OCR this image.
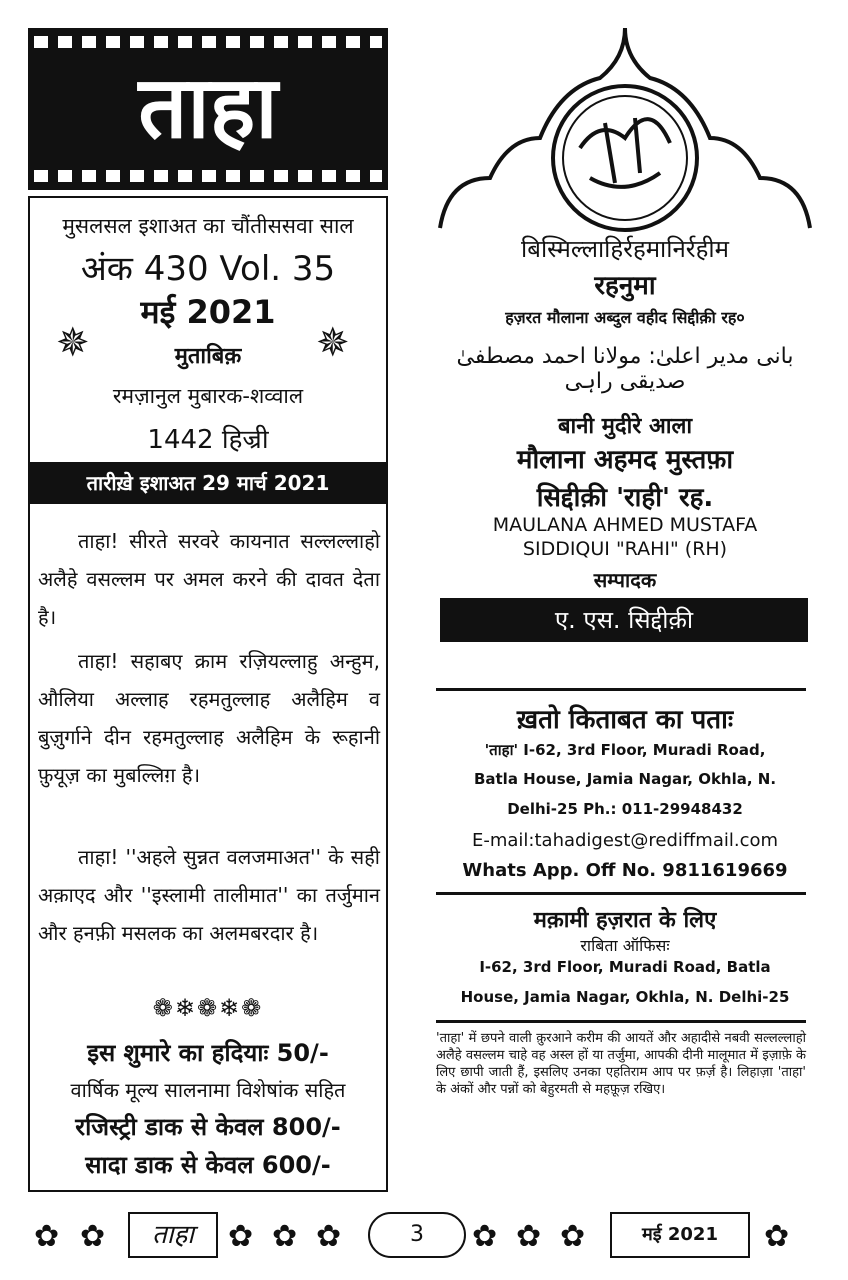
ताहा
मुसलसल इशाअत का चौंतीससवा साल
अंक 430 Vol. 35
मई 2021
✵	मुताबिक़	✵
रमज़ानुल मुबारक-शव्वाल
1442 हिज्री
तारीख़े इशाअत 29 मार्च 2021
ताहा! सीरते सरवरे कायनात सल्लल्लाहो अलैहे वसल्लम पर अमल करने की दावत देता है।
ताहा! सहाबए क्राम रज़ियल्लाहु अन्हुम, औलिया अल्लाह रहमतुल्लाह अलैहिम व बुज़ुर्गाने दीन रहमतुल्लाह अलैहिम के रूहानी फ़ुयूज़ का मुबल्लिग़ है।
ताहा! ''अहले सुन्नत वलजमाअत'' के सही अक़ाएद और ''इस्लामी तालीमात'' का तर्जुमान और हनफ़ी मसलक का अलमबरदार है।
❁❄❁❄❁
इस शुमारे का हदियाः 50/-
वार्षिक मूल्य सालनामा विशेषांक सहित
रजिस्ट्री डाक से केवल 800/-
सादा डाक से केवल 600/-
बिस्मिल्लाहिर्रहमानिर्रहीम
रहनुमा
हज़रत मौलाना अब्दुल वहीद सिद्दीक़ी रह०
بانی مدیر اعلیٰ: مولانا احمد مصطفیٰ صدیقی راہی
बानी मुदीरे आला
मौलाना अहमद मुस्तफ़ा
सिद्दीक़ी 'राही' रह.
MAULANA AHMED MUSTAFA
SIDDIQUI "RAHI" (RH)
सम्पादक
ए. एस. सिद्दीक़ी
ख़तो किताबत का पताः
'ताहा' I-62, 3rd Floor, Muradi Road,
Batla House, Jamia Nagar, Okhla, N.
Delhi-25 Ph.: 011-29948432
E-mail:tahadigest@rediffmail.com
Whats App. Off No. 9811619669
मक़ामी हज़रात के लिए
राबिता ऑफिसः
I-62, 3rd Floor, Muradi Road, Batla
House, Jamia Nagar, Okhla, N. Delhi-25
'ताहा' में छपने वाली क़ुरआने करीम की आयतें और अहादीसे नबवी सल्लल्लाहो अलैहे वसल्लम चाहे वह अस्ल हों या तर्जुमा, आपकी दीनी मालूमात में इज़ाफ़े के लिए छापी जाती हैं, इसलिए उनका एहतिराम आप पर फ़र्ज़ है। लिहाज़ा 'ताहा' के अंकों और पन्नों को बेहुरमती से महफ़ूज़ रखिए।
✿ ✿	ताहा	✿ ✿ ✿	3	✿ ✿ ✿	मई 2021	✿
